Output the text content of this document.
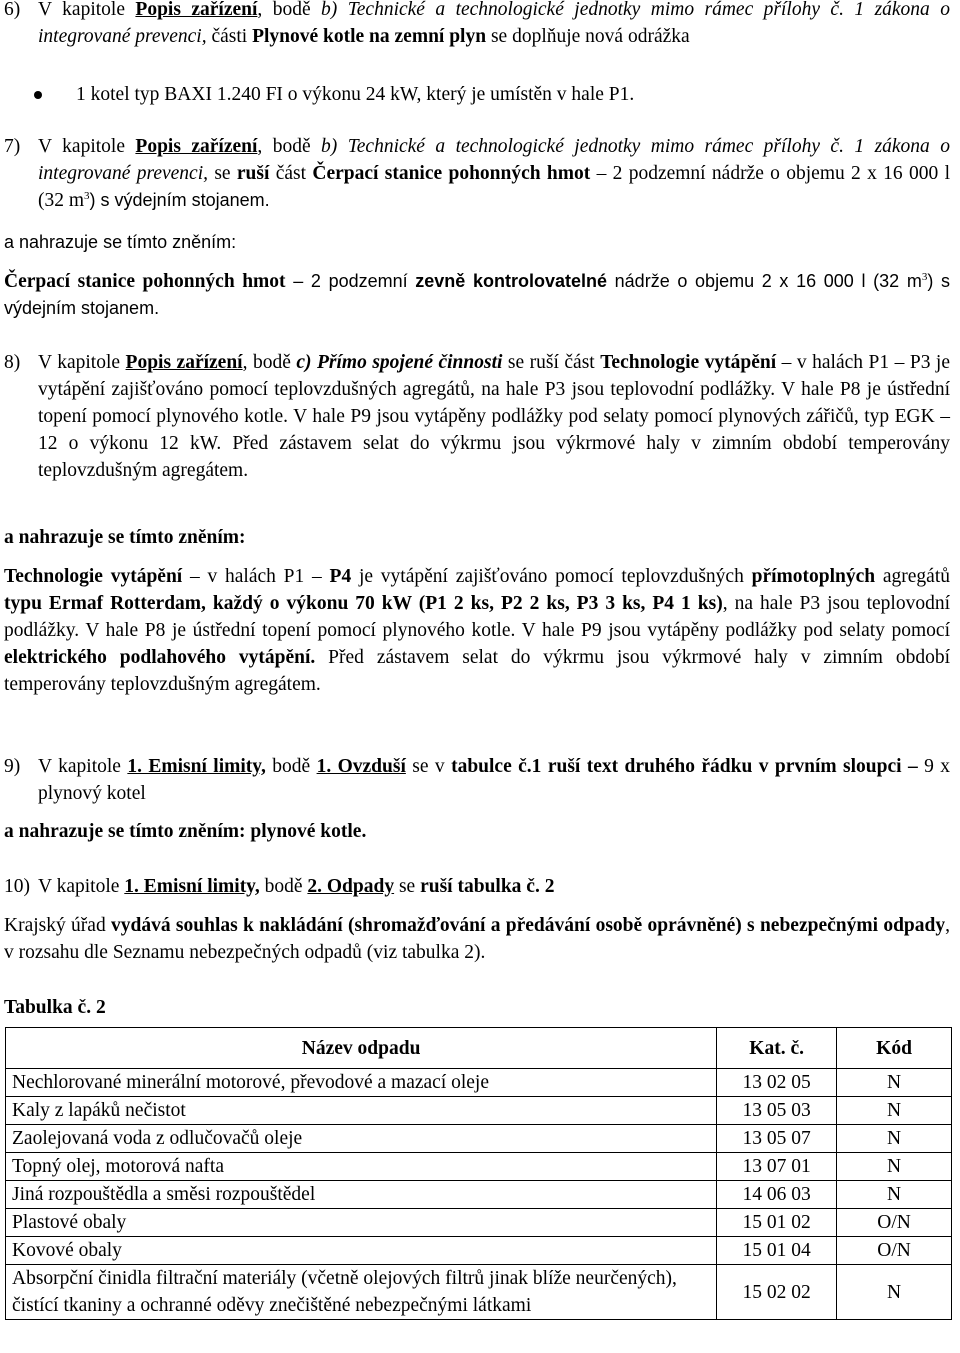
6) V kapitole Popis zařízení, bodě b) Technické a technologické jednotky mimo rámec přílohy č. 1 zákona o integrované prevenci, části Plynové kotle na zemní plyn se doplňuje nová odrážka
1 kotel typ BAXI 1.240 FI o výkonu 24 kW, který je umístěn v hale P1.
7) V kapitole Popis zařízení, bodě b) Technické a technologické jednotky mimo rámec přílohy č. 1 zákona o integrované prevenci, se ruší část Čerpací stanice pohonných hmot – 2 podzemní nádrže o objemu 2 x 16 000 l (32 $m^3$) s výdejním stojanem.
a nahrazuje se tímto zněním:
Čerpací stanice pohonných hmot – 2 podzemní zevně kontrolovatelné nádrže o objemu 2 x 16 000 l (32 $m^3$) s výdejním stojanem.
8) V kapitole Popis zařízení, bodě c) Přímo spojené činnosti se ruší část Technologie vytápění – v halách P1 – P3 je vytápění zajišťováno pomocí teplovzdušných agregátů, na hale P3 jsou teplovodní podlážky. V hale P8 je ústřední topení pomocí plynového kotle. V hale P9 jsou vytápěny podlážky pod selaty pomocí plynových zářičů, typ EGK – 12 o výkonu 12 kW. Před zástavem selat do výkrmu jsou výkrmové haly v zimním období temperovány teplovzdušným agregátem.
a nahrazuje se tímto zněním:
Technologie vytápění – v halách P1 – P4 je vytápění zajišťováno pomocí teplovzdušných přímotoplných agregátů typu Ermaf Rotterdam, každý o výkonu 70 kW (P1 2 ks, P2 2 ks, P3 3 ks, P4 1 ks), na hale P3 jsou teplovodní podlážky. V hale P8 je ústřední topení pomocí plynového kotle. V hale P9 jsou vytápěny podlážky pod selaty pomocí elektrického podlahového vytápění. Před zástavem selat do výkrmu jsou výkrmové haly v zimním období temperovány teplovzdušným agregátem.
9) V kapitole 1. Emisní limity, bodě 1. Ovzduší se v tabulce č.1 ruší text druhého řádku v prvním sloupci – 9 x plynový kotel
a nahrazuje se tímto zněním: plynové kotle.
10) V kapitole 1. Emisní limity, bodě 2. Odpady se ruší tabulka č. 2
Krajský úřad vydává souhlas k nakládání (shromažďování a předávání osobě oprávněné) s nebezpečnými odpady, v rozsahu dle Seznamu nebezpečných odpadů (viz tabulka 2).
Tabulka č. 2
Název odpadu	Kat. č.	Kód
Nechlorované minerální motorové, převodové a mazací oleje	13 02 05	N
Kaly z lapáků nečistot	13 05 03	N
Zaolejovaná voda z odlučovačů oleje	13 05 07	N
Topný olej, motorová nafta	13 07 01	N
Jiná rozpouštědla a směsi rozpouštědel	14 06 03	N
Plastové obaly	15 01 02	O/N
Kovové obaly	15 01 04	O/N
Absorpční činidla filtrační materiály (včetně olejových filtrů jinak blíže neurčených), čistící tkaniny a ochranné oděvy znečištěné nebezpečnými látkami	15 02 02	N
